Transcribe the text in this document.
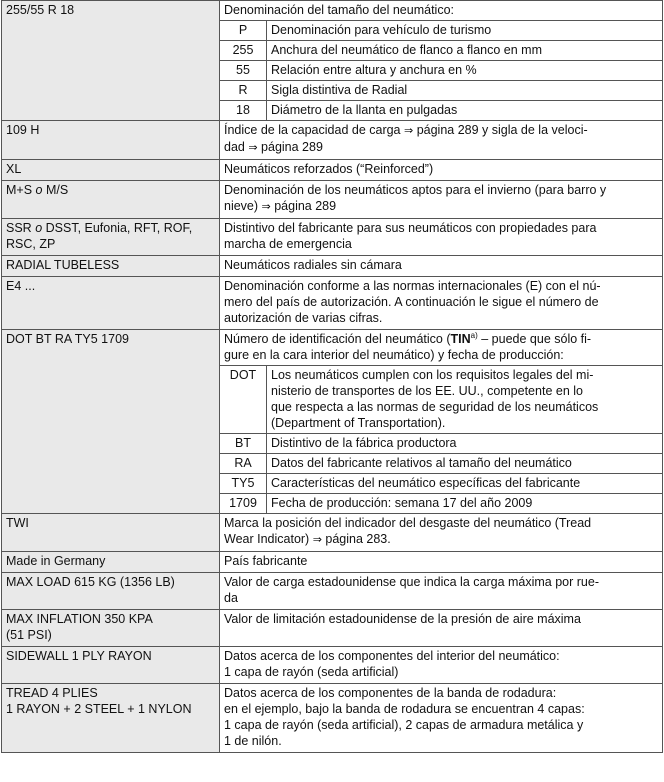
255/55 R 18	Denominación del tamaño del neumático:
P	Denominación para vehículo de turismo
255	Anchura del neumático de flanco a flanco en mm
55	Relación entre altura y anchura en %
R	Sigla distintiva de Radial
18	Diámetro de la llanta en pulgadas

109 H	Índice de la capacidad de carga ⇒ página 289 y sigla de la veloci-
dad ⇒ página 289
XL	Neumáticos reforzados (“Reinforced”)
M+S o M/S	Denominación de los neumáticos aptos para el invierno (para barro y
nieve) ⇒ página 289
SSR o DSST, Eufonia, RFT, ROF,
RSC, ZP	Distintivo del fabricante para sus neumáticos con propiedades para
marcha de emergencia
RADIAL TUBELESS	Neumáticos radiales sin cámara
E4 ...	Denominación conforme a las normas internacionales (E) con el nú-
mero del país de autorización. A continuación le sigue el número de
autorización de varias cifras.
DOT BT RA TY5 1709	Número de identificación del neumático (TIN$^{a)}$ – puede que sólo fi-
gure en la cara interior del neumático) y fecha de producción:
DOT	Los neumáticos cumplen con los requisitos legales del mi-
nisterio de transportes de los EE. UU., competente en lo
que respecta a las normas de seguridad de los neumáticos
(Department of Transportation).
BT	Distintivo de la fábrica productora
RA	Datos del fabricante relativos al tamaño del neumático
TY5	Características del neumático específicas del fabricante
1709	Fecha de producción: semana 17 del año 2009

TWI	Marca la posición del indicador del desgaste del neumático (Tread
Wear Indicator) ⇒ página 283.
Made in Germany	País fabricante
MAX LOAD 615 KG (1356 LB)	Valor de carga estadounidense que indica la carga máxima por rue-
da
MAX INFLATION 350 KPA
(51 PSI)	Valor de limitación estadounidense de la presión de aire máxima
SIDEWALL 1 PLY RAYON	Datos acerca de los componentes del interior del neumático:
1 capa de rayón (seda artificial)
TREAD 4 PLIES
1 RAYON + 2 STEEL + 1 NYLON	Datos acerca de los componentes de la banda de rodadura:
en el ejemplo, bajo la banda de rodadura se encuentran 4 capas:
1 capa de rayón (seda artificial), 2 capas de armadura metálica y
1 de nilón.
